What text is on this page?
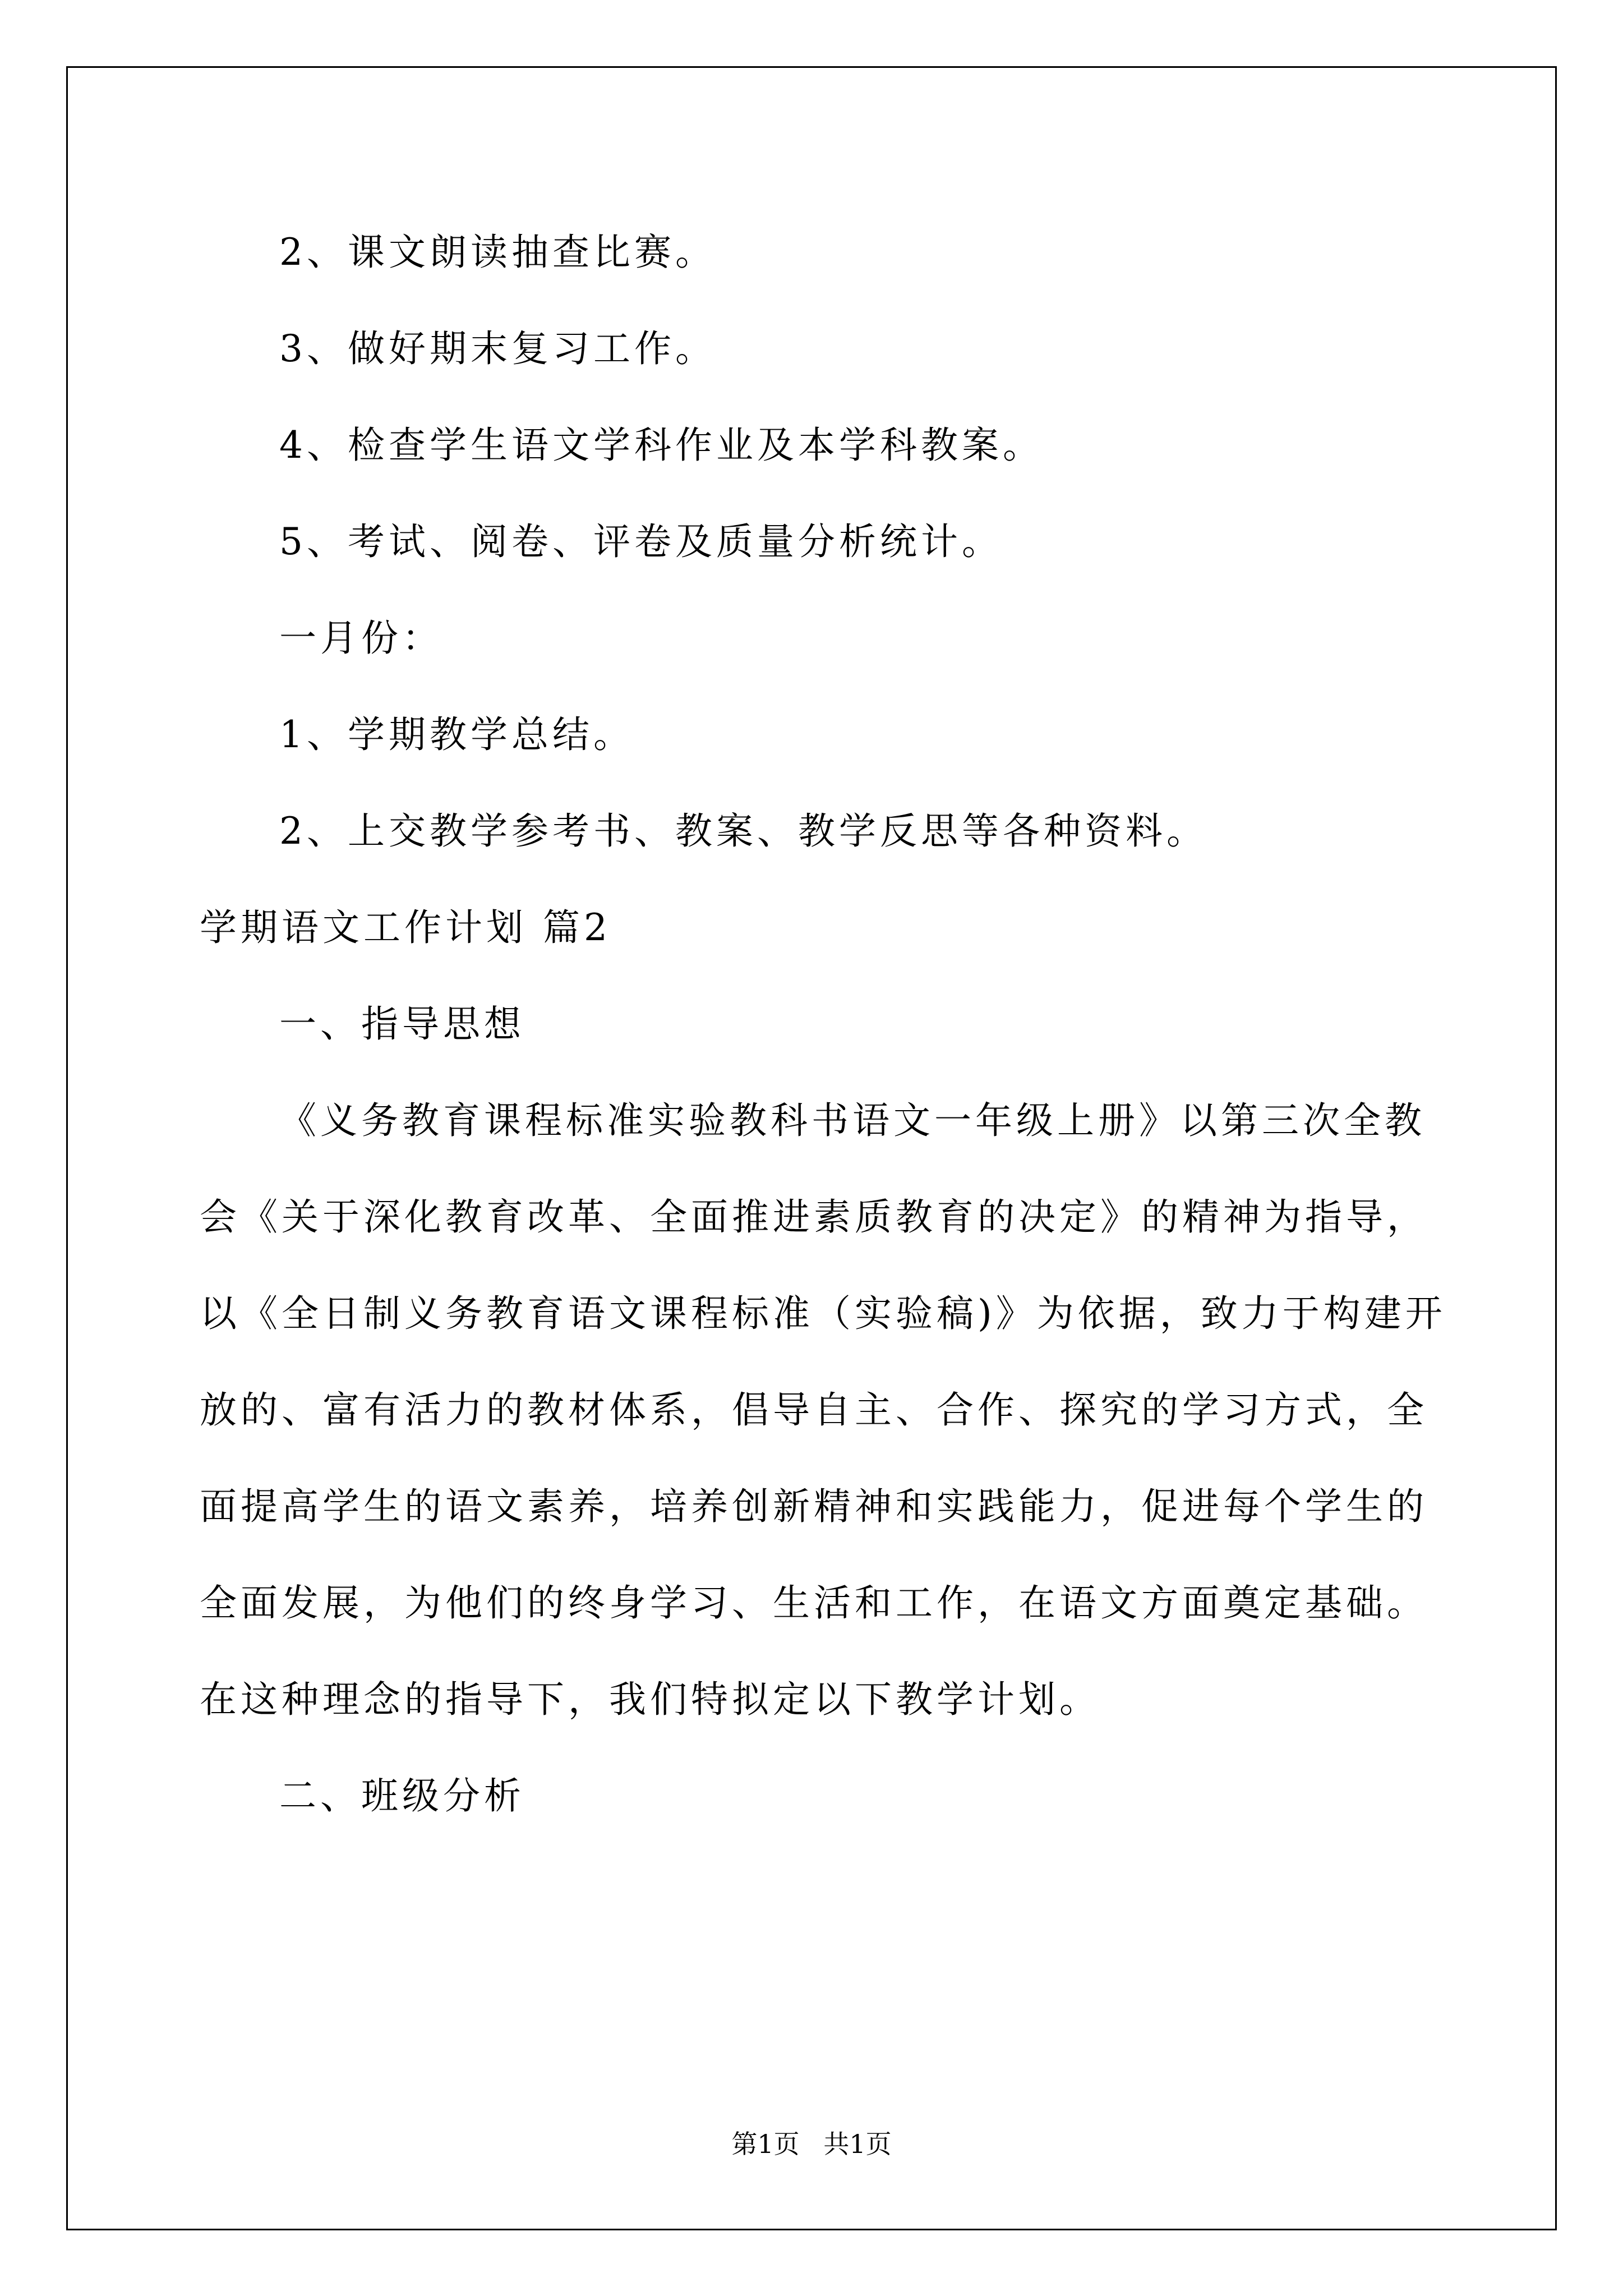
2、课文朗读抽查比赛。
3、做好期末复习工作。
4、检查学生语文学科作业及本学科教案。
5、考试、阅卷、评卷及质量分析统计。
一月份：
1、学期教学总结。
2、上交教学参考书、教案、教学反思等各种资料。
学期语文工作计划 篇2
一、指导思想
《义务教育课程标准实验教科书语文一年级上册》以第三次全教
会《关于深化教育改革、全面推进素质教育的决定》的精神为指导，
以《全日制义务教育语文课程标准（实验稿)》为依据，致力于构建开
放的、富有活力的教材体系，倡导自主、合作、探究的学习方式，全
面提高学生的语文素养，培养创新精神和实践能力，促进每个学生的
全面发展，为他们的终身学习、生活和工作，在语文方面奠定基础。
在这种理念的指导下，我们特拟定以下教学计划。
二、班级分析
第1页 共1页
